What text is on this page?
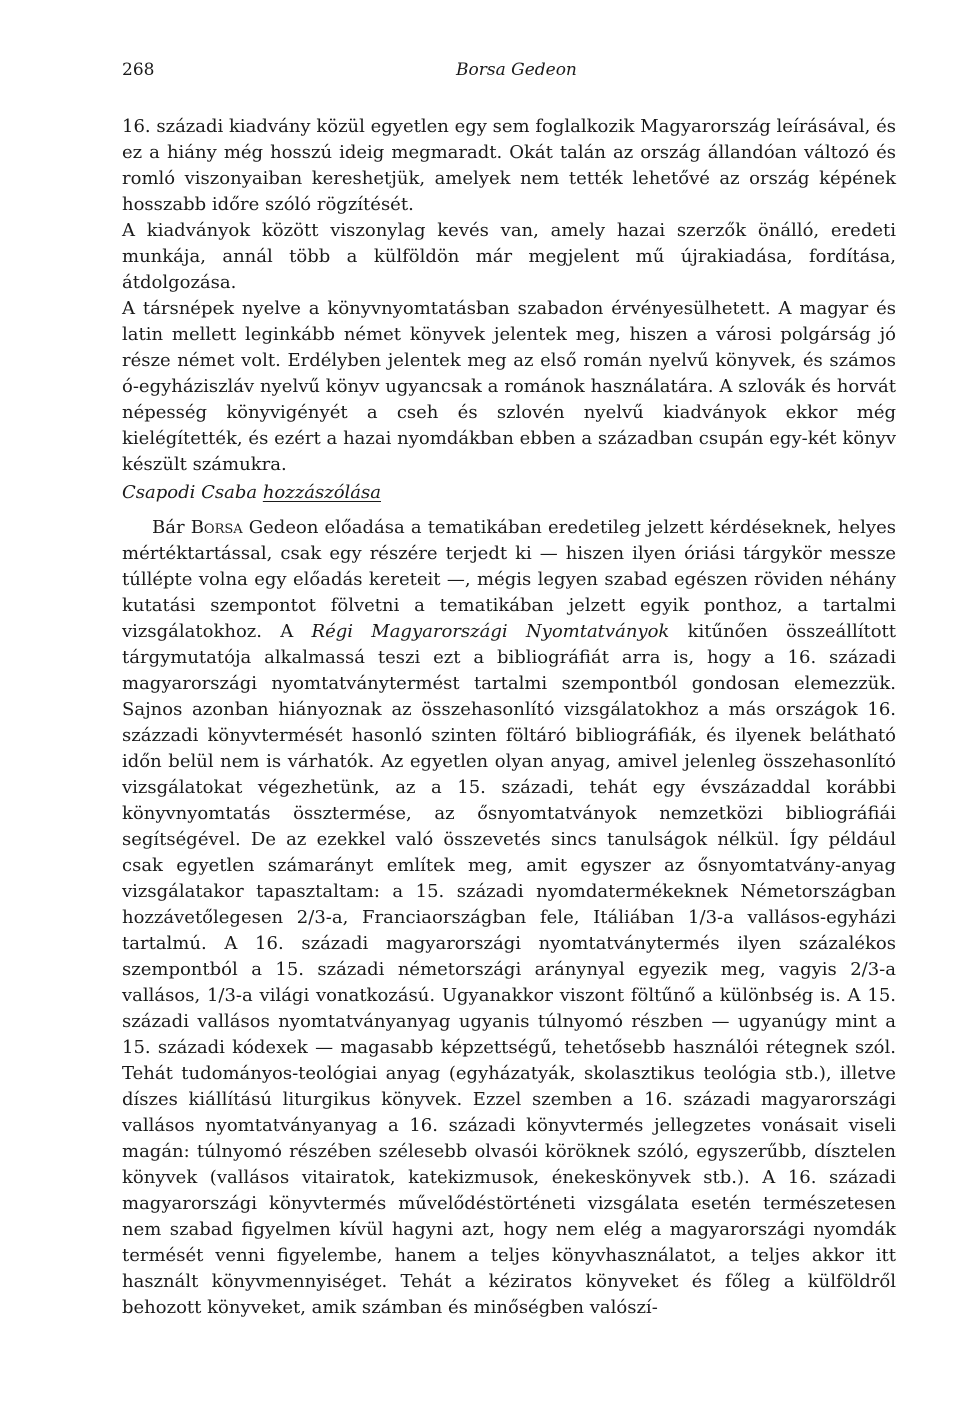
268	Borsa Gedeon

16. századi kiadvány közül egyetlen egy sem foglalkozik Magyarország leírásával, és ez a hiány még hosszú ideig megmaradt. Okát talán az ország állandóan változó és romló viszonyaiban kereshetjük, amelyek nem tették lehetővé az ország képének hosszabb időre szóló rögzítését.

A kiadványok között viszonylag kevés van, amely hazai szerzők önálló, eredeti munkája, annál több a külföldön már megjelent mű újrakiadása, fordítása, átdolgozása.

A társnépek nyelve a könyvnyomtatásban szabadon érvényesülhetett. A magyar és latin mellett leginkább német könyvek jelentek meg, hiszen a városi polgárság jó része német volt. Erdélyben jelentek meg az első román nyelvű könyvek, és számos ó-egyháziszláv nyelvű könyv ugyancsak a románok használatára. A szlovák és horvát népesség könyvigényét a cseh és szlovén nyelvű kiadványok ekkor még kielégítették, és ezért a hazai nyomdákban ebben a században csupán egy-két könyv készült számukra.

Csapodi Csaba hozzászólása

Bár Borsa Gedeon előadása a tematikában eredetileg jelzett kérdéseknek, helyes mértéktartással, csak egy részére terjedt ki — hiszen ilyen óriási tárgykör messze túllépte volna egy előadás kereteit —, mégis legyen szabad egészen röviden néhány kutatási szempontot fölvetni a tematikában jelzett egyik ponthoz, a tartalmi vizsgálatokhoz. A Régi Magyarországi Nyomtatványok kitűnően összeállított tárgymutatója alkalmassá teszi ezt a bibliográfiát arra is, hogy a 16. századi magyarországi nyomtatványtermést tartalmi szempontból gondosan elemezzük. Sajnos azonban hiányoznak az összehasonlító vizsgálatokhoz a más országok 16. százzadi könyvtermését hasonló szinten föltáró bibliográfiák, és ilyenek belátható időn belül nem is várhatók. Az egyetlen olyan anyag, amivel jelenleg összehasonlító vizsgálatokat végezhetünk, az a 15. századi, tehát egy évszázaddal korábbi könyvnyomtatás össztermése, az ősnyomtatványok nemzetközi bibliográfiái segítségével. De az ezekkel való összevetés sincs tanulságok nélkül. Így például csak egyetlen számarányt említek meg, amit egyszer az ősnyomtatvány-anyag vizsgálatakor tapasztaltam: a 15. századi nyomdatermékeknek Németországban hozzávetőlegesen 2/3-a, Franciaországban fele, Itáliában 1/3-a vallásos-egyházi tartalmú. A 16. századi magyarországi nyomtatványtermés ilyen százalékos szempontból a 15. századi németországi aránynyal egyezik meg, vagyis 2/3-a vallásos, 1/3-a világi vonatkozású. Ugyanakkor viszont föltűnő a különbség is. A 15. századi vallásos nyomtatványanyag ugyanis túlnyomó részben — ugyanúgy mint a 15. századi kódexek — magasabb képzettségű, tehetősebb használói rétegnek szól. Tehát tudományos-teológiai anyag (egyházatyák, skolasztikus teológia stb.), illetve díszes kiállítású liturgikus könyvek. Ezzel szemben a 16. századi magyarországi vallásos nyomtatványanyag a 16. századi könyvtermés jellegzetes vonásait viseli magán: túlnyomó részében szélesebb olvasói köröknek szóló, egyszerűbb, dísztelen könyvek (vallásos vitairatok, katekizmusok, énekeskönyvek stb.). A 16. századi magyarországi könyvtermés művelődéstörténeti vizsgálata esetén természetesen nem szabad figyelmen kívül hagyni azt, hogy nem elég a magyarországi nyomdák termését venni figyelembe, hanem a teljes könyvhasználatot, a teljes akkor itt használt könyvmennyiséget. Tehát a kéziratos könyveket és főleg a külföldről behozott könyveket, amik számban és minőségben valószí-
